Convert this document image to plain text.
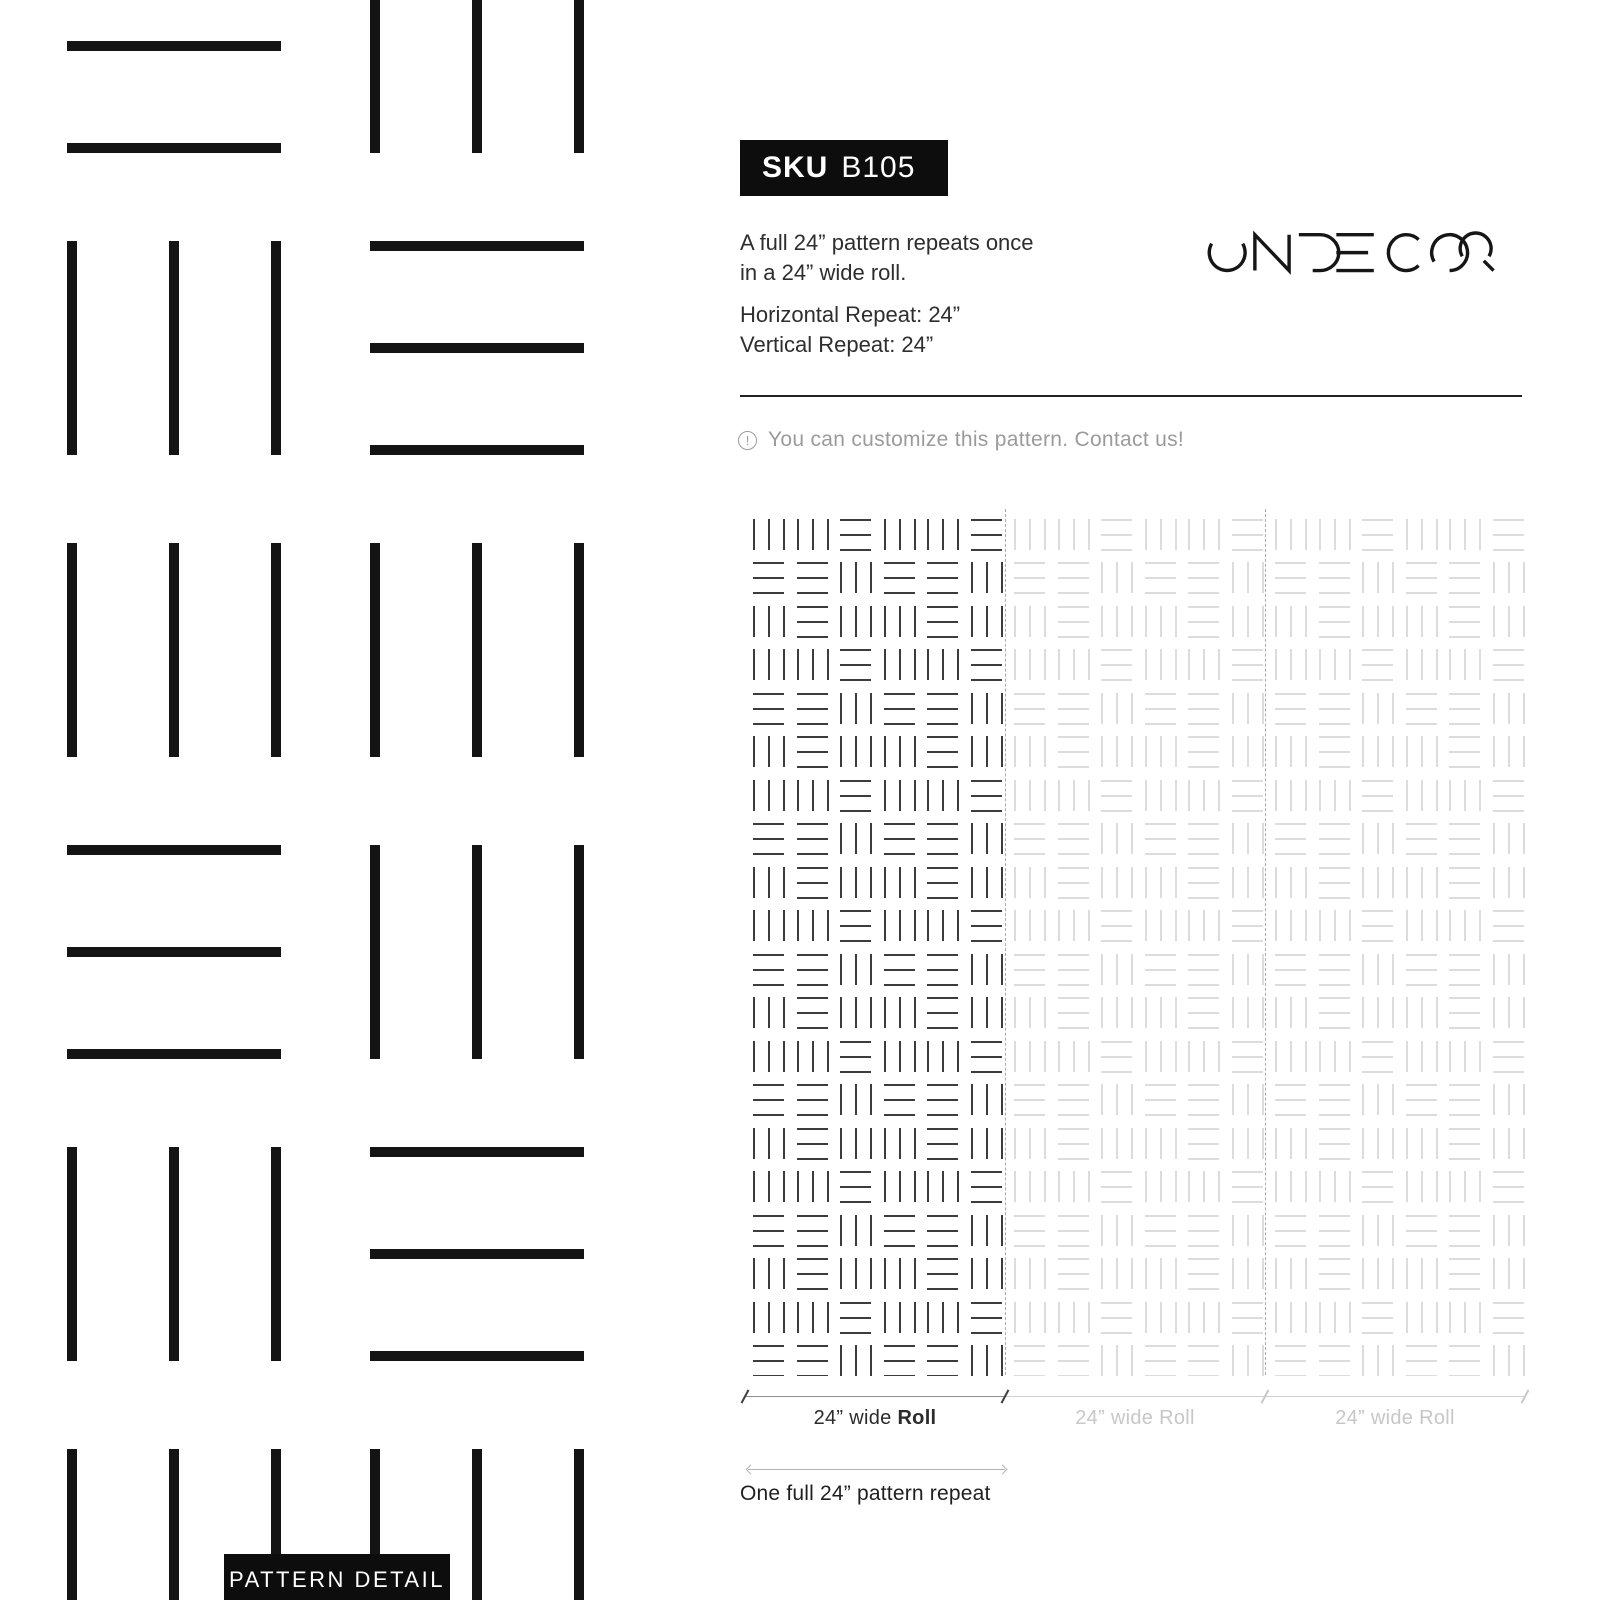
PATTERN DETAIL
SKU B105
A full 24” pattern repeats once
in a 24” wide roll.
Horizontal Repeat: 24”
Vertical Repeat: 24”
! You can customize this pattern. Contact us!
24” wide Roll	24” wide Roll	24” wide Roll
One full 24” pattern repeat
